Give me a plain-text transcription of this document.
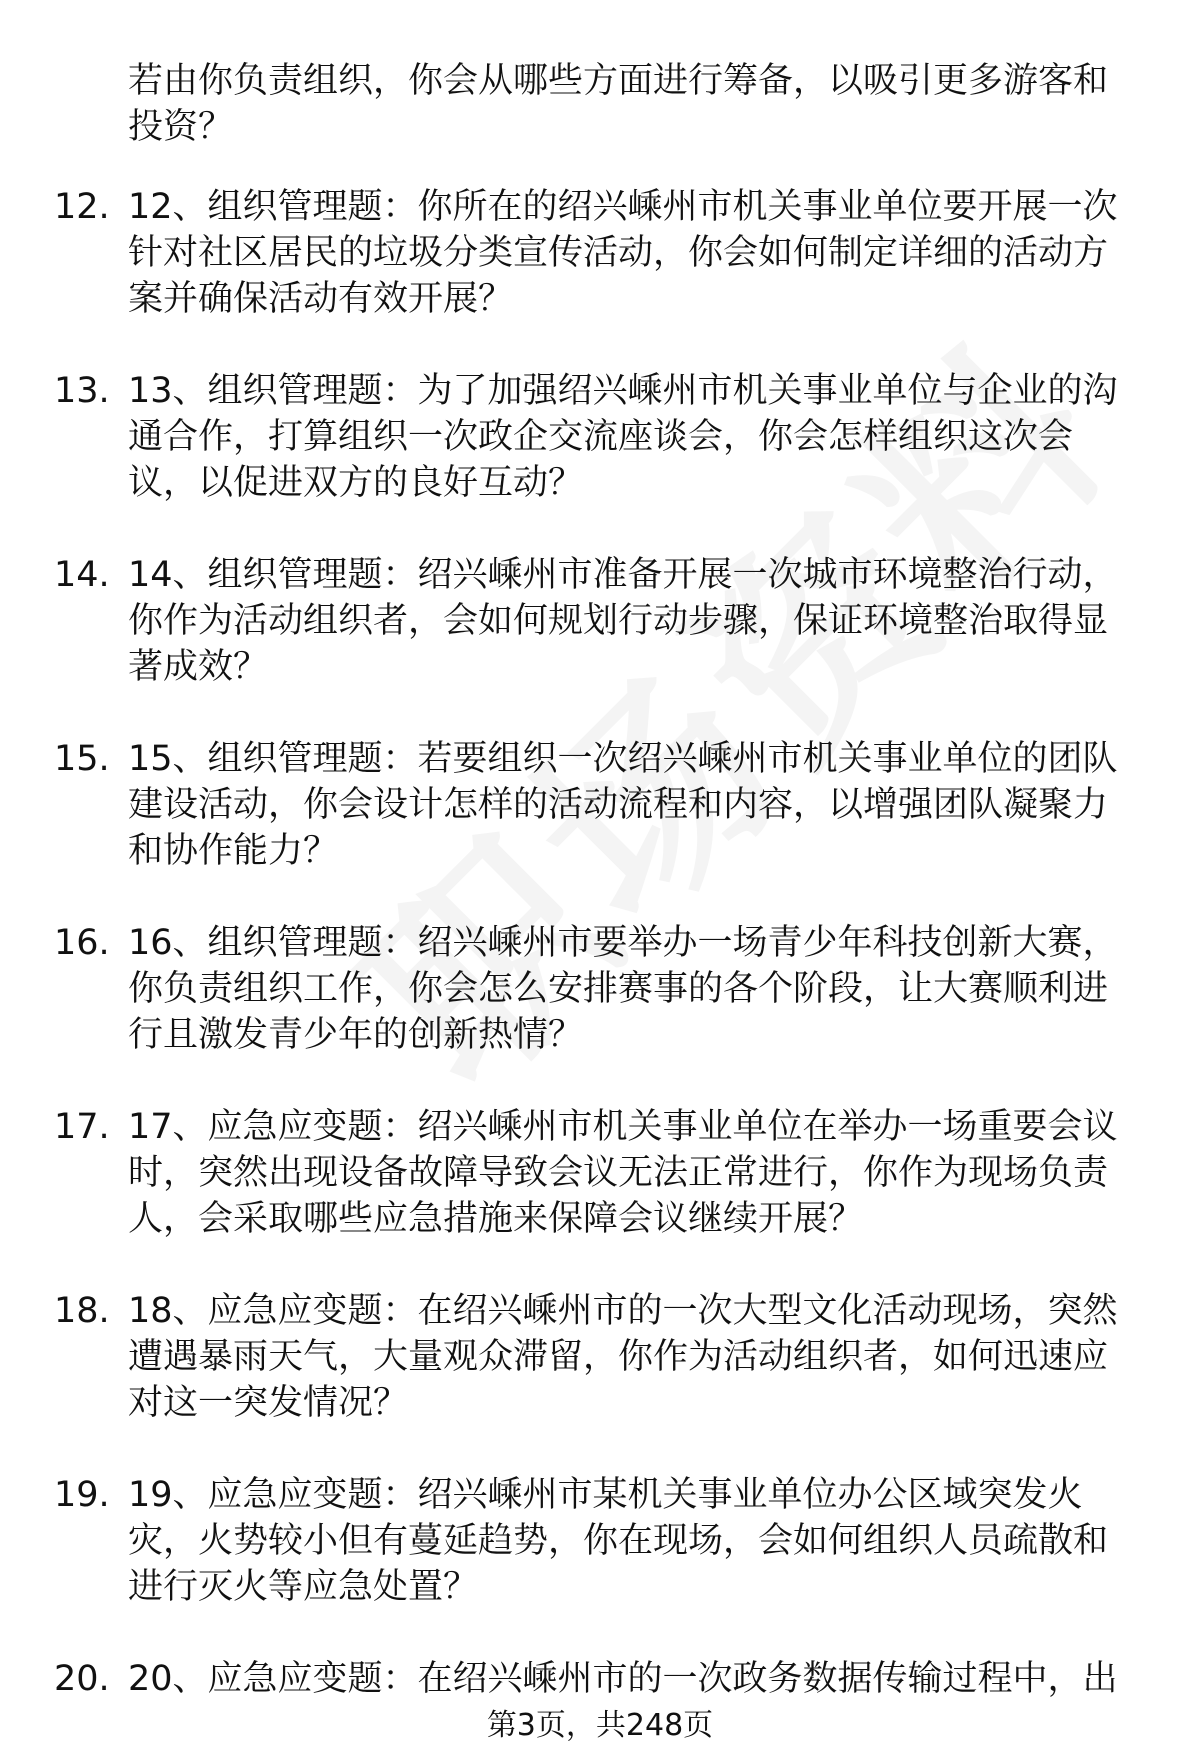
若由你负责组织，你会从哪些方面进行筹备，以吸引更多游客和投资？
12. 12、组织管理题：你所在的绍兴嵊州市机关事业单位要开展一次针对社区居民的垃圾分类宣传活动，你会如何制定详细的活动方案并确保活动有效开展？
13. 13、组织管理题：为了加强绍兴嵊州市机关事业单位与企业的沟通合作，打算组织一次政企交流座谈会，你会怎样组织这次会议，以促进双方的良好互动？
14. 14、组织管理题：绍兴嵊州市准备开展一次城市环境整治行动，你作为活动组织者，会如何规划行动步骤，保证环境整治取得显著成效？
15. 15、组织管理题：若要组织一次绍兴嵊州市机关事业单位的团队建设活动，你会设计怎样的活动流程和内容，以增强团队凝聚力和协作能力？
16. 16、组织管理题：绍兴嵊州市要举办一场青少年科技创新大赛，你负责组织工作，你会怎么安排赛事的各个阶段，让大赛顺利进行且激发青少年的创新热情？
17. 17、应急应变题：绍兴嵊州市机关事业单位在举办一场重要会议时，突然出现设备故障导致会议无法正常进行，你作为现场负责人，会采取哪些应急措施来保障会议继续开展？
18. 18、应急应变题：在绍兴嵊州市的一次大型文化活动现场，突然遭遇暴雨天气，大量观众滞留，你作为活动组织者，如何迅速应对这一突发情况？
19. 19、应急应变题：绍兴嵊州市某机关事业单位办公区域突发火灾，火势较小但有蔓延趋势，你在现场，会如何组织人员疏散和进行灭火等应急处置？
20. 20、应急应变题：在绍兴嵊州市的一次政务数据传输过程中，出
第3页，共248页
